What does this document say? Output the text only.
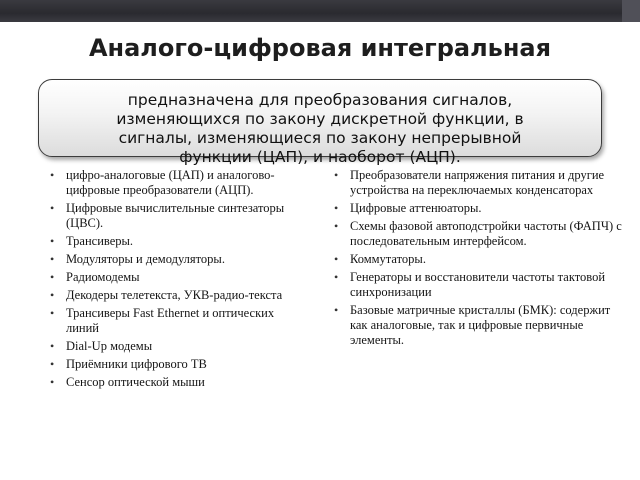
Аналого-цифровая интегральная
предназначена для преобразования сигналов, изменяющихся по закону дискретной функции, в сигналы, изменяющиеся по закону непрерывной функции (ЦАП), и наоборот (АЦП).
• цифро-аналоговые (ЦАП) и аналогово-цифровые преобразователи (АЦП).
• Цифровые вычислительные синтезаторы (ЦВС).
• Трансиверы.
• Модуляторы и демодуляторы.
• Радиомодемы
• Декодеры телетекста, УКВ-радио-текста
• Трансиверы Fast Ethernet и оптических линий
• Dial-Up модемы
• Приёмники цифрового ТВ
• Сенсор оптической мыши
• Преобразователи напряжения питания и другие устройства на переключаемых конденсаторах
• Цифровые аттенюаторы.
• Схемы фазовой автоподстройки частоты (ФАПЧ) с последовательным интерфейсом.
• Коммутаторы.
• Генераторы и восстановители частоты тактовой синхронизации
• Базовые матричные кристаллы (БМК): содержит как аналоговые, так и цифровые первичные элементы.
